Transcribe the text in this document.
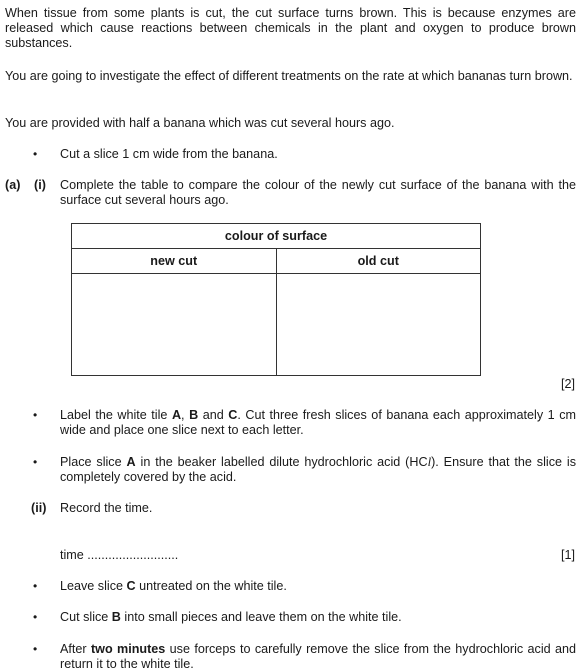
When tissue from some plants is cut, the cut surface turns brown. This is because enzymes are released which cause reactions between chemicals in the plant and oxygen to produce brown substances.
You are going to investigate the effect of different treatments on the rate at which bananas turn brown.
You are provided with half a banana which was cut several hours ago.
• Cut a slice 1 cm wide from the banana.
(a) (i) Complete the table to compare the colour of the newly cut surface of the banana with the surface cut several hours ago.
colour of surface	
new cut	old cut

[2]
• Label the white tile A, B and C. Cut three fresh slices of banana each approximately 1 cm wide and place one slice next to each letter.
• Place slice A in the beaker labelled dilute hydrochloric acid (HCl). Ensure that the slice is completely covered by the acid.
(ii) Record the time.
time ..........................	[1]
• Leave slice C untreated on the white tile.
• Cut slice B into small pieces and leave them on the white tile.
• After two minutes use forceps to carefully remove the slice from the hydrochloric acid and return it to the white tile.
